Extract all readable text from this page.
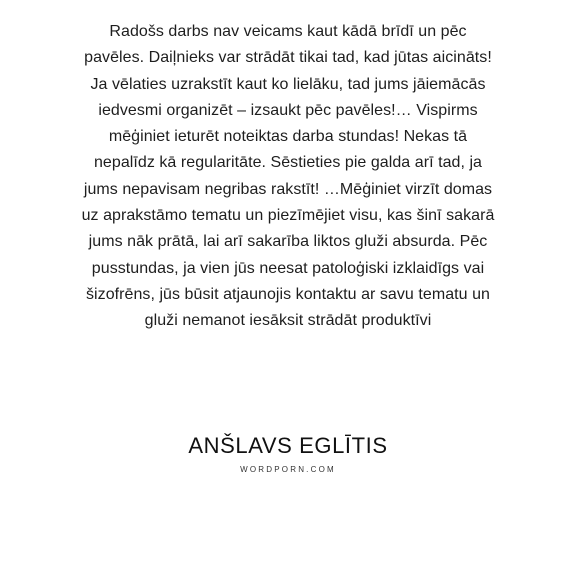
Radošs darbs nav veicams kaut kādā brīdī un pēc
pavēles. Daiļnieks var strādāt tikai tad, kad jūtas aicināts!
Ja vēlaties uzrakstīt kaut ko lielāku, tad jums jāiemācās
iedvesmi organizēt – izsaukt pēc pavēles!… Vispirms
mēģiniet ieturēt noteiktas darba stundas! Nekas tā
nepalīdz kā regularitāte. Sēstieties pie galda arī tad, ja
jums nepavisam negribas rakstīt! …Mēģiniet virzīt domas
uz aprakstāmo tematu un piezīmējiet visu, kas šinī sakarā
jums nāk prātā, lai arī sakarība liktos gluži absurda. Pēc
pusstundas, ja vien jūs neesat patoloģiski izklaidīgs vai
šizofrēns, jūs būsit atjaunojis kontaktu ar savu tematu un
gluži nemanot iesāksit strādāt produktīvi

ANŠLAVS EGLĪTIS
WORDPORN.COM
